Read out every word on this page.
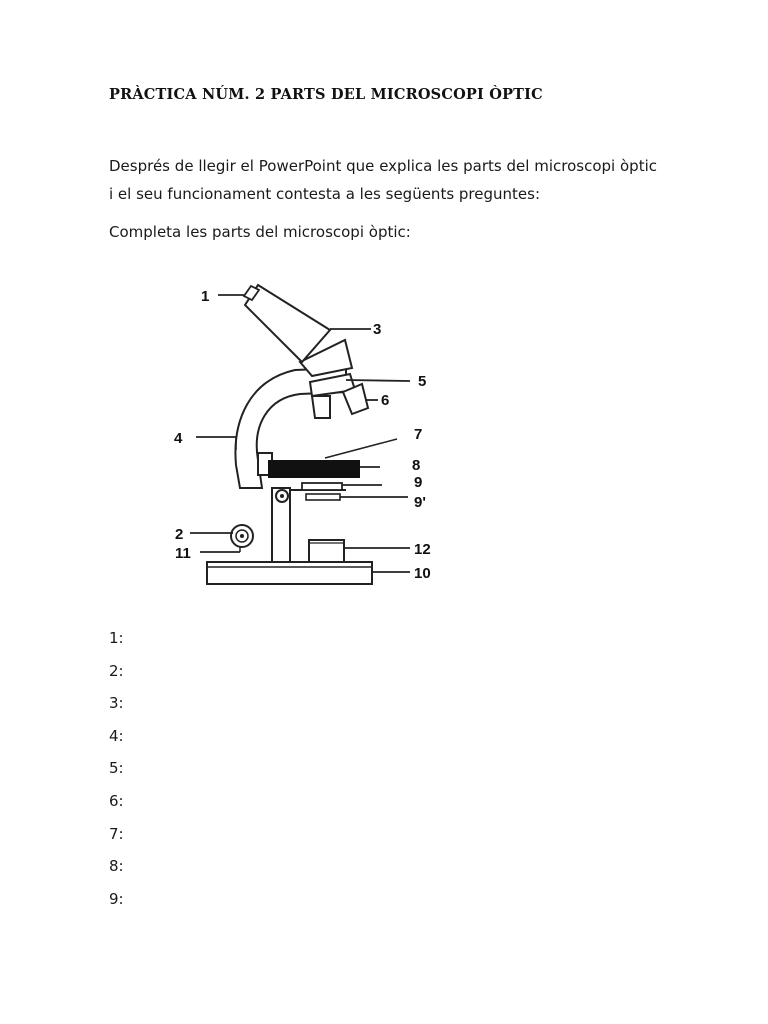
PRÀCTICA NÚM. 2 PARTS DEL MICROSCOPI ÒPTIC
Després de llegir el PowerPoint que explica les parts del microscopi òptic i el seu funcionament contesta a les següents preguntes:
Completa les parts del microscopi òptic:
1
2
3
4
5
6
7
8
9
9'
10
11	12
1:
2:
3:
4:
5:
6:
7:
8:
9:
